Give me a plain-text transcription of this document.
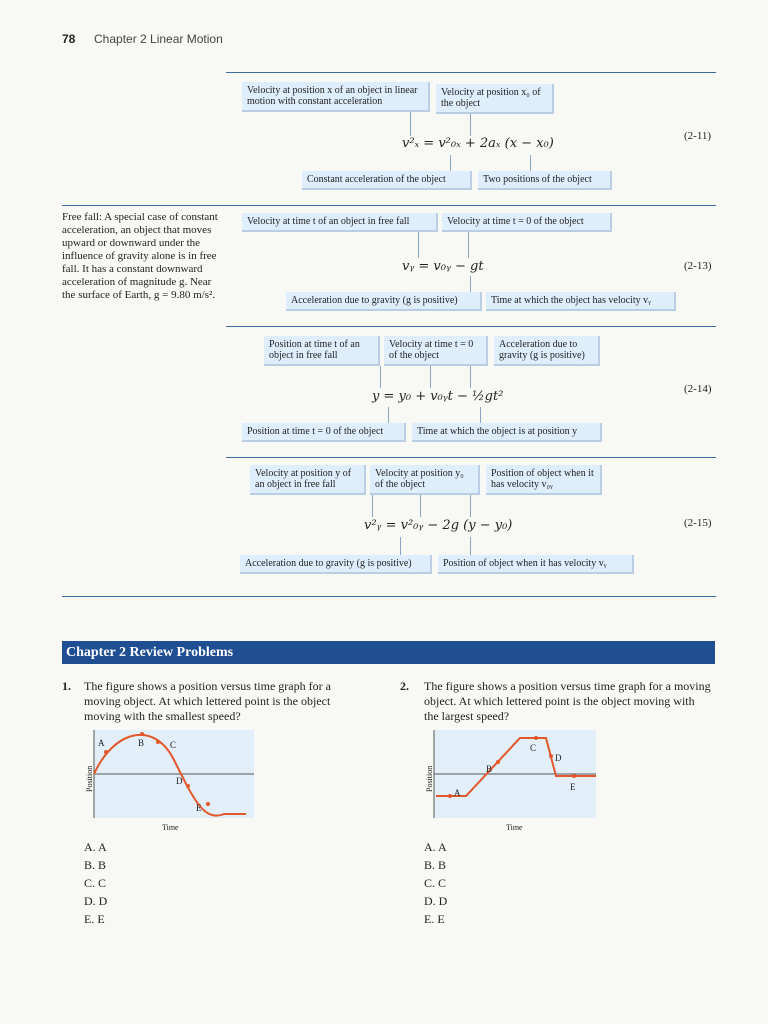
78 Chapter 2 Linear Motion
Velocity at position x of an object in linear motion with constant acceleration
Velocity at position x₀ of the object
v²ₓ = v²₀ₓ + 2aₓ (x − x₀)	(2-11)
Constant acceleration of the object	Two positions of the object
Free fall: A special case of constant acceleration, an object that moves upward or downward under the influence of gravity alone is in free fall. It has a constant downward acceleration of magnitude g. Near the surface of Earth, g = 9.80 m/s².
Velocity at time t of an object in free fall	Velocity at time t = 0 of the object
vᵧ = v₀ᵧ − gt	(2-13)
Acceleration due to gravity (g is positive)	Time at which the object has velocity vᵧ
Position at time t of an object in free fall
Velocity at time t = 0 of the object
Acceleration due to gravity (g is positive)
y = y₀ + v₀ᵧt − ½gt²	(2-14)
Position at time t = 0 of the object	Time at which the object is at position y
Velocity at position y of an object in free fall
Velocity at position y₀ of the object
Position of object when it has velocity v₀ᵧ
v²ᵧ = v²₀ᵧ − 2g (y − y₀)	(2-15)
Acceleration due to gravity (g is positive)	Position of object when it has velocity vᵧ
Chapter 2 Review Problems
1. The figure shows a position versus time graph for a moving object. At which lettered point is the object moving with the smallest speed?
A	B	C
D
E
Position
Time
A. A
B. B
C. C
D. D
E. E
2. The figure shows a position versus time graph for a moving object. At which lettered point is the object moving with the largest speed?
A
B
C
D
E
Position
Time
A. A
B. B
C. C
D. D
E. E
